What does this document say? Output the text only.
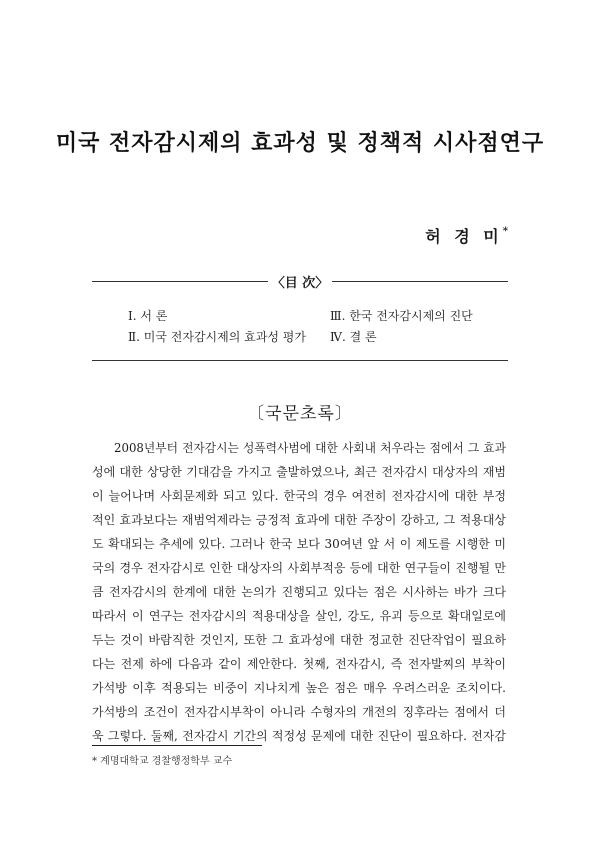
미국 전자감시제의 효과성 및 정책적 시사점연구
허 경 미*
〈目 次〉
Ⅰ. 서 론	Ⅲ. 한국 전자감시제의 진단
Ⅱ. 미국 전자감시제의 효과성 평가 Ⅳ. 결 론
〔국문초록〕
2008년부터 전자감시는 성폭력사범에 대한 사회내 처우라는 점에서 그 효과
성에 대한 상당한 기대감을 가지고 출발하였으나, 최근 전자감시 대상자의 재범
이 늘어나며 사회문제화 되고 있다. 한국의 경우 여전히 전자감시에 대한 부정
적인 효과보다는 재범억제라는 긍정적 효과에 대한 주장이 강하고, 그 적용대상
도 확대되는 추세에 있다. 그러나 한국 보다 30여년 앞 서 이 제도를 시행한 미
국의 경우 전자감시로 인한 대상자의 사회부적응 등에 대한 연구들이 진행될 만
큼 전자감시의 한계에 대한 논의가 진행되고 있다는 점은 시사하는 바가 크다
따라서 이 연구는 전자감시의 적용대상을 살인, 강도, 유괴 등으로 확대일로에
두는 것이 바람직한 것인지, 또한 그 효과성에 대한 정교한 진단작업이 필요하
다는 전제 하에 다음과 같이 제안한다. 첫째, 전자감시, 즉 전자발찌의 부착이
가석방 이후 적용되는 비중이 지나치게 높은 점은 매우 우려스러운 조치이다.
가석방의 조건이 전자감시부착이 아니라 수형자의 개전의 징후라는 점에서 더
욱 그렇다. 둘째, 전자감시 기간의 적정성 문제에 대한 진단이 필요하다. 전자감
* 계명대학교 경찰행정학부 교수
